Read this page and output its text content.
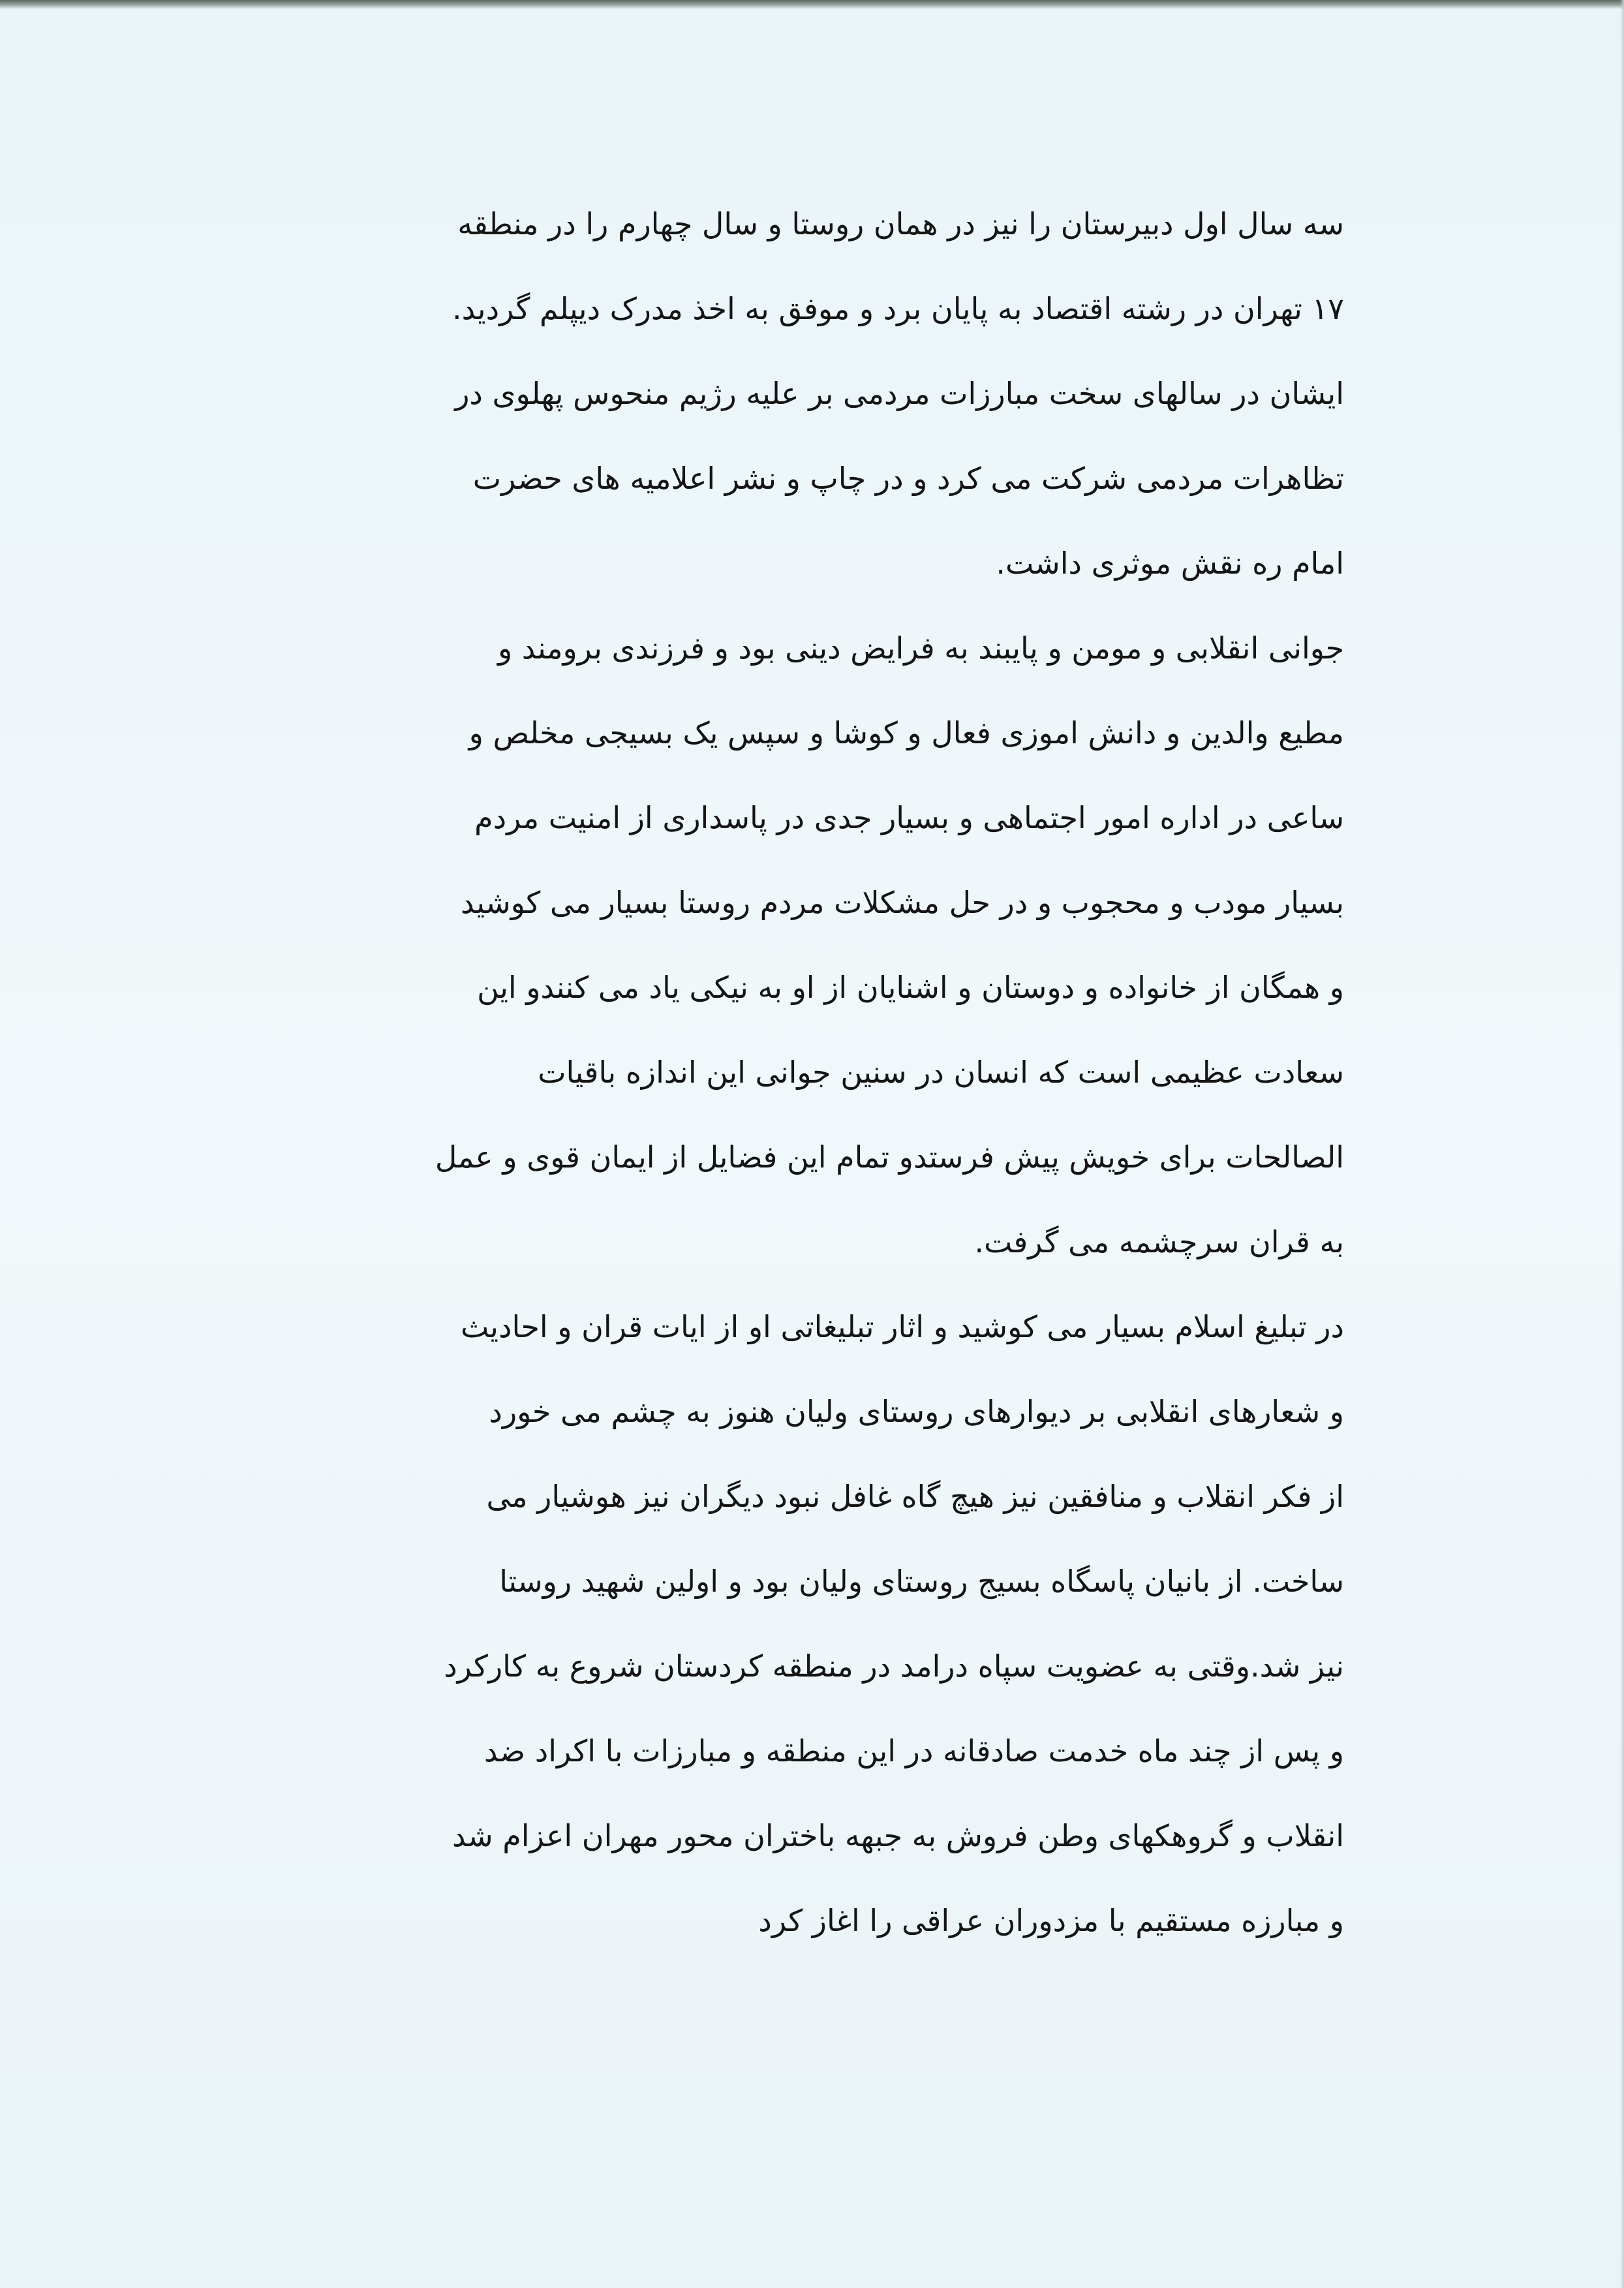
سه سال اول دبیرستان را نیز در همان روستا و سال چهارم را در منطقه
۱۷ تهران در رشته اقتصاد به پایان برد و موفق به اخذ مدرک دیپلم گردید.
ایشان در سالهای سخت مبارزات مردمی بر علیه رژیم منحوس پهلوی در
تظاهرات مردمی شرکت می کرد و در چاپ و نشر اعلامیه های حضرت
امام ره نقش موثری داشت.
جوانی انقلابی و مومن و پایبند به فرایض دینی بود و فرزندی برومند و
مطیع والدین و دانش اموزی فعال و کوشا و سپس یک بسیجی مخلص و
ساعی در اداره امور اجتماهی و بسیار جدی در پاسداری از امنیت مردم
بسیار مودب و محجوب و در حل مشکلات مردم روستا بسیار می کوشید
و همگان از خانواده و دوستان و اشنایان از او به نیکی یاد می کنندو این
سعادت عظیمی است که انسان در سنین جوانی این اندازه باقیات
الصالحات برای خویش پیش فرستدو تمام این فضایل از ایمان قوی و عمل
به قران سرچشمه می گرفت.
در تبلیغ اسلام بسیار می کوشید و اثار تبلیغاتی او از ایات قران و احادیث
و شعارهای انقلابی بر دیوارهای روستای ولیان هنوز به چشم می خورد
از فکر انقلاب و منافقین نیز هیچ گاه غافل نبود دیگران نیز هوشیار می
ساخت. از بانیان پاسگاه بسیج روستای ولیان بود و اولین شهید روستا
نیز شد.وقتی به عضویت سپاه درامد در منطقه کردستان شروع به کارکرد
و پس از چند ماه خدمت صادقانه در این منطقه و مبارزات با اکراد ضد
انقلاب و گروهکهای وطن فروش به جبهه باختران محور مهران اعزام شد
و مبارزه مستقیم با مزدوران عراقی را اغاز کرد
